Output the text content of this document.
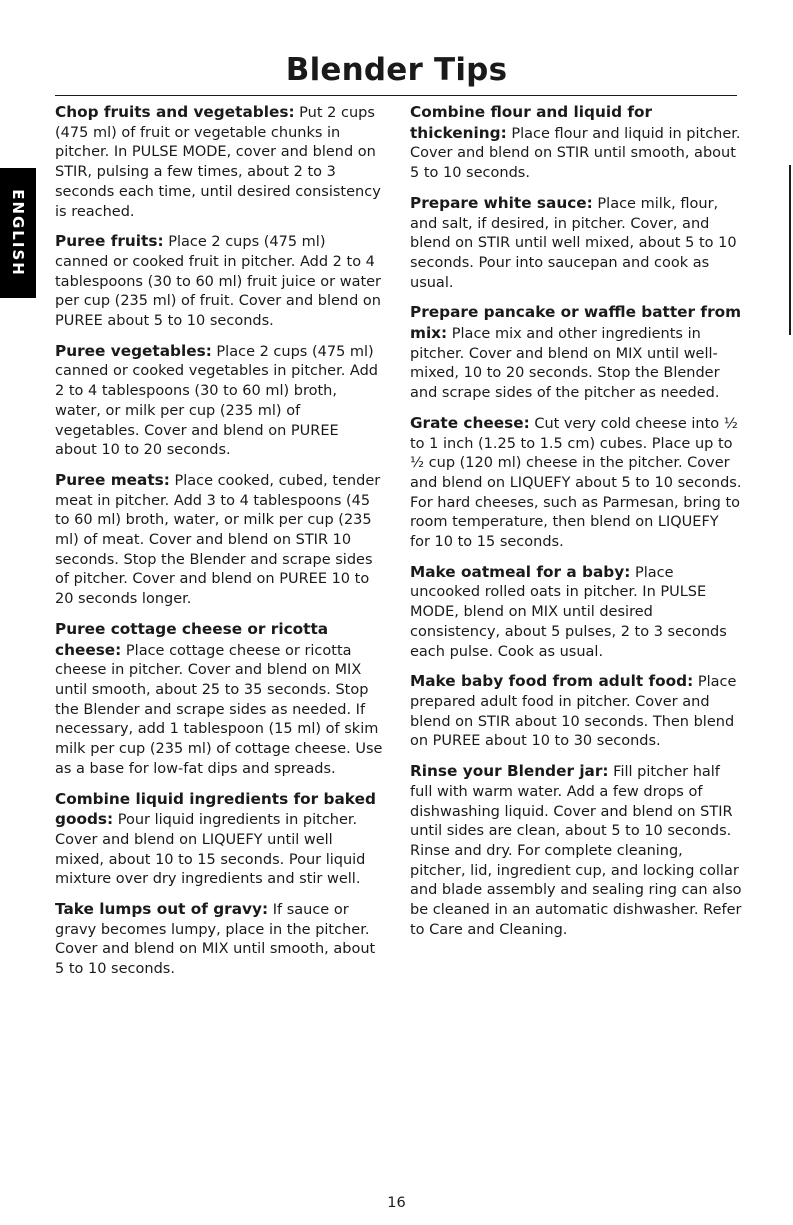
Blender Tips
ENGLISH

Chop fruits and vegetables: Put 2 cups (475 ml) of fruit or vegetable chunks in pitcher. In PULSE MODE, cover and blend on STIR, pulsing a few times, about 2 to 3 seconds each time, until desired consistency is reached.

Puree fruits: Place 2 cups (475 ml) canned or cooked fruit in pitcher. Add 2 to 4 tablespoons (30 to 60 ml) fruit juice or water per cup (235 ml) of fruit. Cover and blend on PUREE about 5 to 10 seconds.

Puree vegetables: Place 2 cups (475 ml) canned or cooked vegetables in pitcher. Add 2 to 4 tablespoons (30 to 60 ml) broth, water, or milk per cup (235 ml) of vegetables. Cover and blend on PUREE about 10 to 20 seconds.

Puree meats: Place cooked, cubed, tender meat in pitcher. Add 3 to 4 tablespoons (45 to 60 ml) broth, water, or milk per cup (235 ml) of meat. Cover and blend on STIR 10 seconds. Stop the Blender and scrape sides of pitcher. Cover and blend on PUREE 10 to 20 seconds longer.

Puree cottage cheese or ricotta cheese: Place cottage cheese or ricotta cheese in pitcher. Cover and blend on MIX until smooth, about 25 to 35 seconds. Stop the Blender and scrape sides as needed. If necessary, add 1 tablespoon (15 ml) of skim milk per cup (235 ml) of cottage cheese. Use as a base for low-fat dips and spreads.

Combine liquid ingredients for baked goods: Pour liquid ingredients in pitcher. Cover and blend on LIQUEFY until well mixed, about 10 to 15 seconds. Pour liquid mixture over dry ingredients and stir well.

Take lumps out of gravy: If sauce or gravy becomes lumpy, place in the pitcher. Cover and blend on MIX until smooth, about 5 to 10 seconds.

Combine flour and liquid for thickening: Place flour and liquid in pitcher. Cover and blend on STIR until smooth, about 5 to 10 seconds.

Prepare white sauce: Place milk, flour, and salt, if desired, in pitcher. Cover, and blend on STIR until well mixed, about 5 to 10 seconds. Pour into saucepan and cook as usual.

Prepare pancake or waffle batter from mix: Place mix and other ingredients in pitcher. Cover and blend on MIX until well-mixed, 10 to 20 seconds. Stop the Blender and scrape sides of the pitcher as needed.

Grate cheese: Cut very cold cheese into ½ to 1 inch (1.25 to 1.5 cm) cubes. Place up to ½ cup (120 ml) cheese in the pitcher. Cover and blend on LIQUEFY about 5 to 10 seconds. For hard cheeses, such as Parmesan, bring to room temperature, then blend on LIQUEFY for 10 to 15 seconds.

Make oatmeal for a baby: Place uncooked rolled oats in pitcher. In PULSE MODE, blend on MIX until desired consistency, about 5 pulses, 2 to 3 seconds each pulse. Cook as usual.

Make baby food from adult food: Place prepared adult food in pitcher. Cover and blend on STIR about 10 seconds. Then blend on PUREE about 10 to 30 seconds.

Rinse your Blender jar: Fill pitcher half full with warm water. Add a few drops of dishwashing liquid. Cover and blend on STIR until sides are clean, about 5 to 10 seconds. Rinse and dry. For complete cleaning, pitcher, lid, ingredient cup, and locking collar and blade assembly and sealing ring can also be cleaned in an automatic dishwasher. Refer to Care and Cleaning.

16
